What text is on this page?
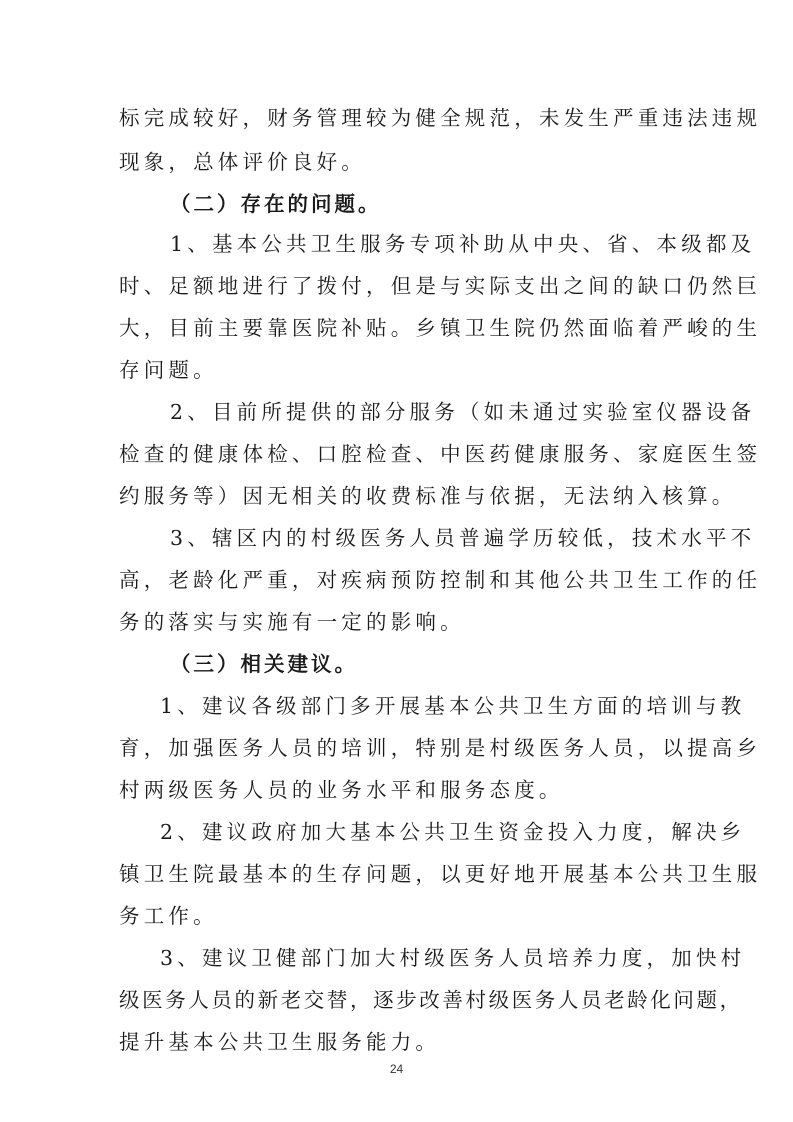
标完成较好，财务管理较为健全规范，未发生严重违法违规
现象，总体评价良好。
（二）存在的问题。
1、基本公共卫生服务专项补助从中央、省、本级都及
时、足额地进行了拨付，但是与实际支出之间的缺口仍然巨
大，目前主要靠医院补贴。乡镇卫生院仍然面临着严峻的生
存问题。
2、目前所提供的部分服务（如未通过实验室仪器设备
检查的健康体检、口腔检查、中医药健康服务、家庭医生签
约服务等）因无相关的收费标准与依据，无法纳入核算。
3、辖区内的村级医务人员普遍学历较低，技术水平不
高，老龄化严重，对疾病预防控制和其他公共卫生工作的任
务的落实与实施有一定的影响。
（三）相关建议。
1、建议各级部门多开展基本公共卫生方面的培训与教
育，加强医务人员的培训，特别是村级医务人员，以提高乡
村两级医务人员的业务水平和服务态度。
2、建议政府加大基本公共卫生资金投入力度，解决乡
镇卫生院最基本的生存问题，以更好地开展基本公共卫生服
务工作。
3、建议卫健部门加大村级医务人员培养力度，加快村
级医务人员的新老交替，逐步改善村级医务人员老龄化问题，
提升基本公共卫生服务能力。
24
